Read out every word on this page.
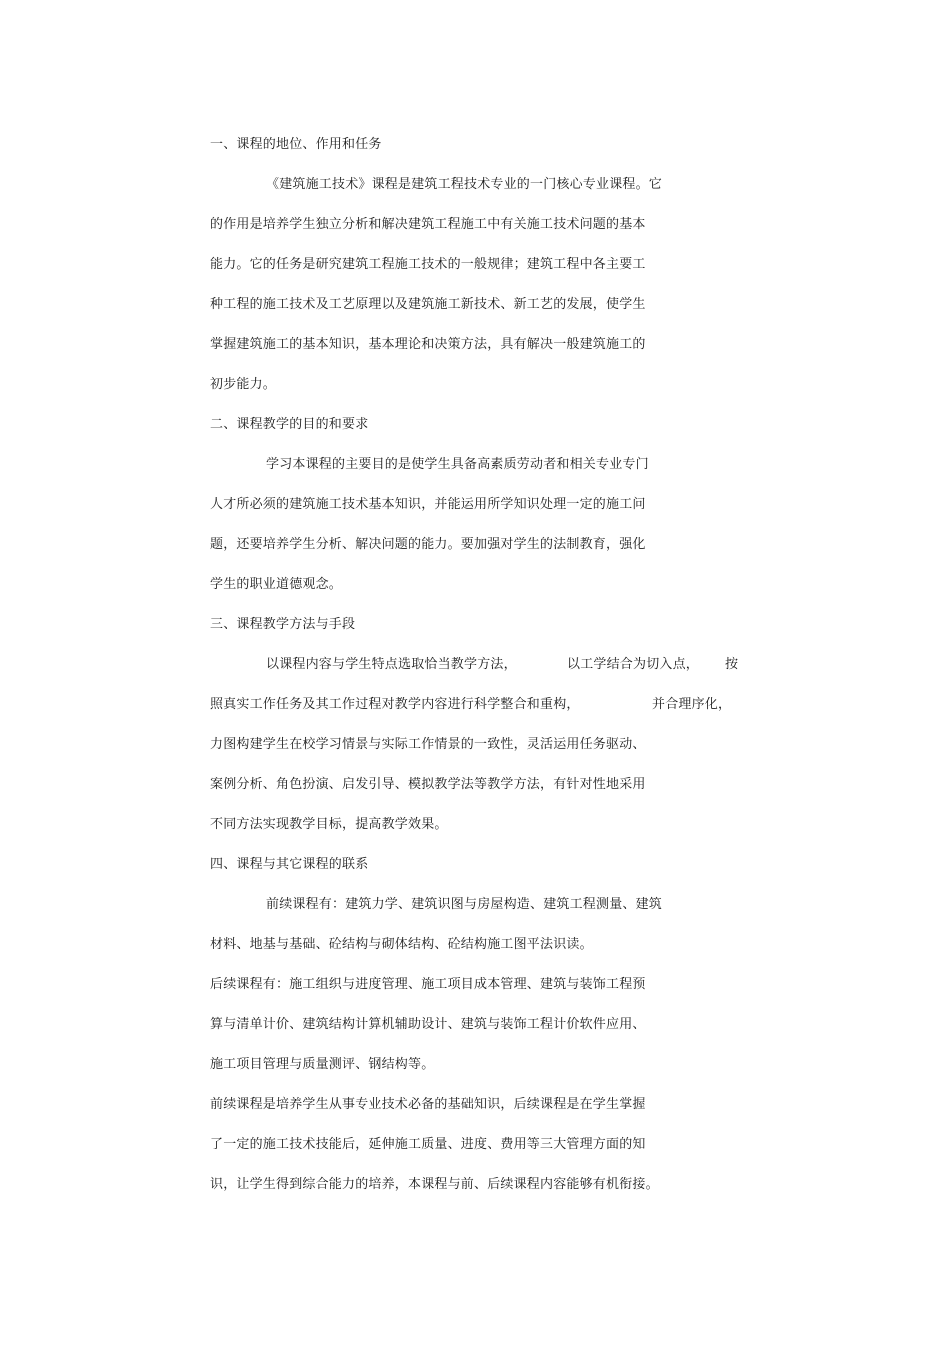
一、课程的地位、作用和任务
《建筑施工技术》课程是建筑工程技术专业的一门核心专业课程。它
的作用是培养学生独立分析和解决建筑工程施工中有关施工技术问题的基本
能力。它的任务是研究建筑工程施工技术的一般规律；建筑工程中各主要工
种工程的施工技术及工艺原理以及建筑施工新技术、新工艺的发展，使学生
掌握建筑施工的基本知识，基本理论和决策方法，具有解决一般建筑施工的
初步能力。
二、课程教学的目的和要求
学习本课程的主要目的是使学生具备高素质劳动者和相关专业专门
人才所必须的建筑施工技术基本知识，并能运用所学知识处理一定的施工问
题，还要培养学生分析、解决问题的能力。要加强对学生的法制教育，强化
学生的职业道德观念。
三、课程教学方法与手段
以课程内容与学生特点选取恰当教学方法，	以工学结合为切入点， 按
照真实工作任务及其工作过程对教学内容进行科学整合和重构，	并合理序化，
力图构建学生在校学习情景与实际工作情景的一致性，灵活运用任务驱动、
案例分析、角色扮演、启发引导、模拟教学法等教学方法，有针对性地采用
不同方法实现教学目标，提高教学效果。
四、课程与其它课程的联系
前续课程有：建筑力学、建筑识图与房屋构造、建筑工程测量、建筑
材料、地基与基础、砼结构与砌体结构、砼结构施工图平法识读。
后续课程有：施工组织与进度管理、施工项目成本管理、建筑与装饰工程预
算与清单计价、建筑结构计算机辅助设计、建筑与装饰工程计价软件应用、
施工项目管理与质量测评、钢结构等。
前续课程是培养学生从事专业技术必备的基础知识，后续课程是在学生掌握
了一定的施工技术技能后，延伸施工质量、进度、费用等三大管理方面的知
识，让学生得到综合能力的培养，本课程与前、后续课程内容能够有机衔接。
